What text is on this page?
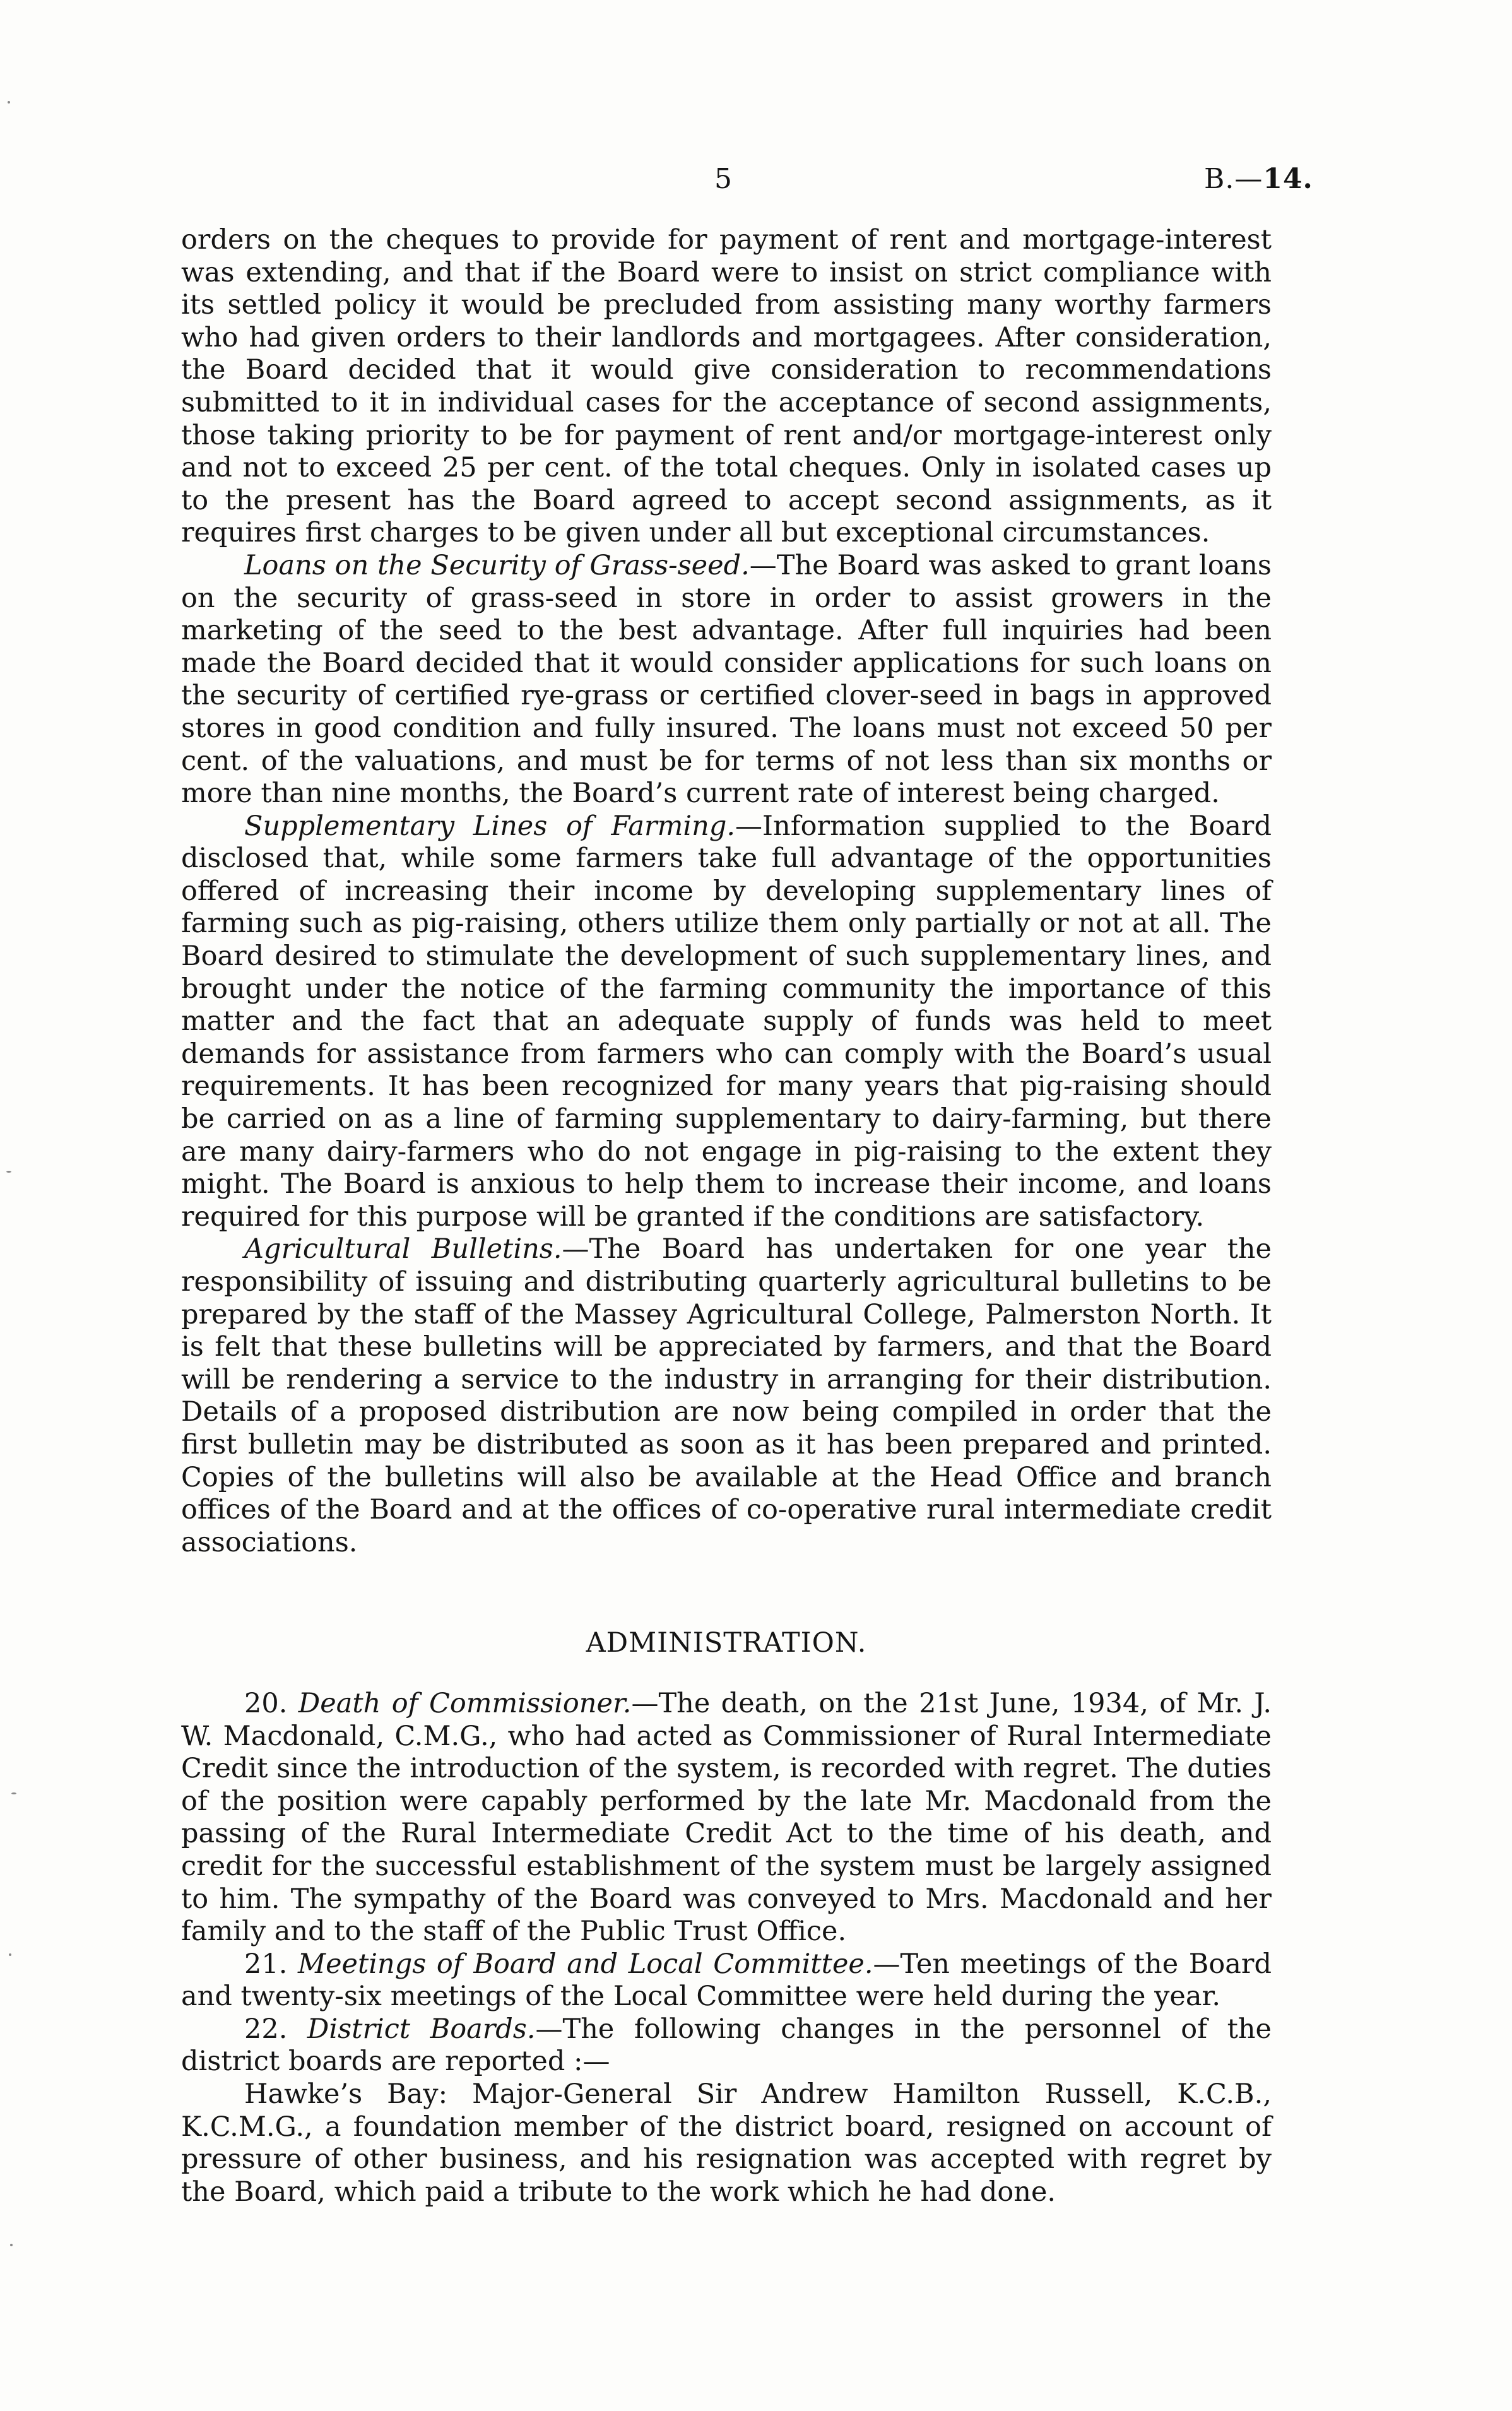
5	B.—14.

orders on the cheques to provide for payment of rent and mortgage-interest was extending, and that if the Board were to insist on strict compliance with its settled policy it would be precluded from assisting many worthy farmers who had given orders to their landlords and mortgagees. After consideration, the Board decided that it would give consideration to recommendations submitted to it in individual cases for the acceptance of second assignments, those taking priority to be for payment of rent and/or mortgage-interest only and not to exceed 25 per cent. of the total cheques. Only in isolated cases up to the present has the Board agreed to accept second assignments, as it requires first charges to be given under all but exceptional circumstances.

Loans on the Security of Grass-seed.—The Board was asked to grant loans on the security of grass-seed in store in order to assist growers in the marketing of the seed to the best advantage. After full inquiries had been made the Board decided that it would consider applications for such loans on the security of certified rye-grass or certified clover-seed in bags in approved stores in good condition and fully insured. The loans must not exceed 50 per cent. of the valuations, and must be for terms of not less than six months or more than nine months, the Board’s current rate of interest being charged.

Supplementary Lines of Farming.—Information supplied to the Board disclosed that, while some farmers take full advantage of the opportunities offered of increasing their income by developing supplementary lines of farming such as pig-raising, others utilize them only partially or not at all. The Board desired to stimulate the development of such supplementary lines, and brought under the notice of the farming community the importance of this matter and the fact that an adequate supply of funds was held to meet demands for assistance from farmers who can comply with the Board’s usual requirements. It has been recognized for many years that pig-raising should be carried on as a line of farming supplementary to dairy-farming, but there are many dairy-farmers who do not engage in pig-raising to the extent they might. The Board is anxious to help them to increase their income, and loans required for this purpose will be granted if the conditions are satisfactory.

Agricultural Bulletins.—The Board has undertaken for one year the responsibility of issuing and distributing quarterly agricultural bulletins to be prepared by the staff of the Massey Agricultural College, Palmerston North. It is felt that these bulletins will be appreciated by farmers, and that the Board will be rendering a service to the industry in arranging for their distribution. Details of a proposed distribution are now being compiled in order that the first bulletin may be distributed as soon as it has been prepared and printed. Copies of the bulletins will also be available at the Head Office and branch offices of the Board and at the offices of co-operative rural intermediate credit associations.

ADMINISTRATION.

20. Death of Commissioner.—The death, on the 21st June, 1934, of Mr. J. W. Macdonald, C.M.G., who had acted as Commissioner of Rural Intermediate Credit since the introduction of the system, is recorded with regret. The duties of the position were capably performed by the late Mr. Macdonald from the passing of the Rural Intermediate Credit Act to the time of his death, and credit for the successful establishment of the system must be largely assigned to him. The sympathy of the Board was conveyed to Mrs. Macdonald and her family and to the staff of the Public Trust Office.

21. Meetings of Board and Local Committee.—Ten meetings of the Board and twenty-six meetings of the Local Committee were held during the year.

22. District Boards.—The following changes in the personnel of the district boards are reported :—

Hawke’s Bay: Major-General Sir Andrew Hamilton Russell, K.C.B., K.C.M.G., a foundation member of the district board, resigned on account of pressure of other business, and his resignation was accepted with regret by the Board, which paid a tribute to the work which he had done.
